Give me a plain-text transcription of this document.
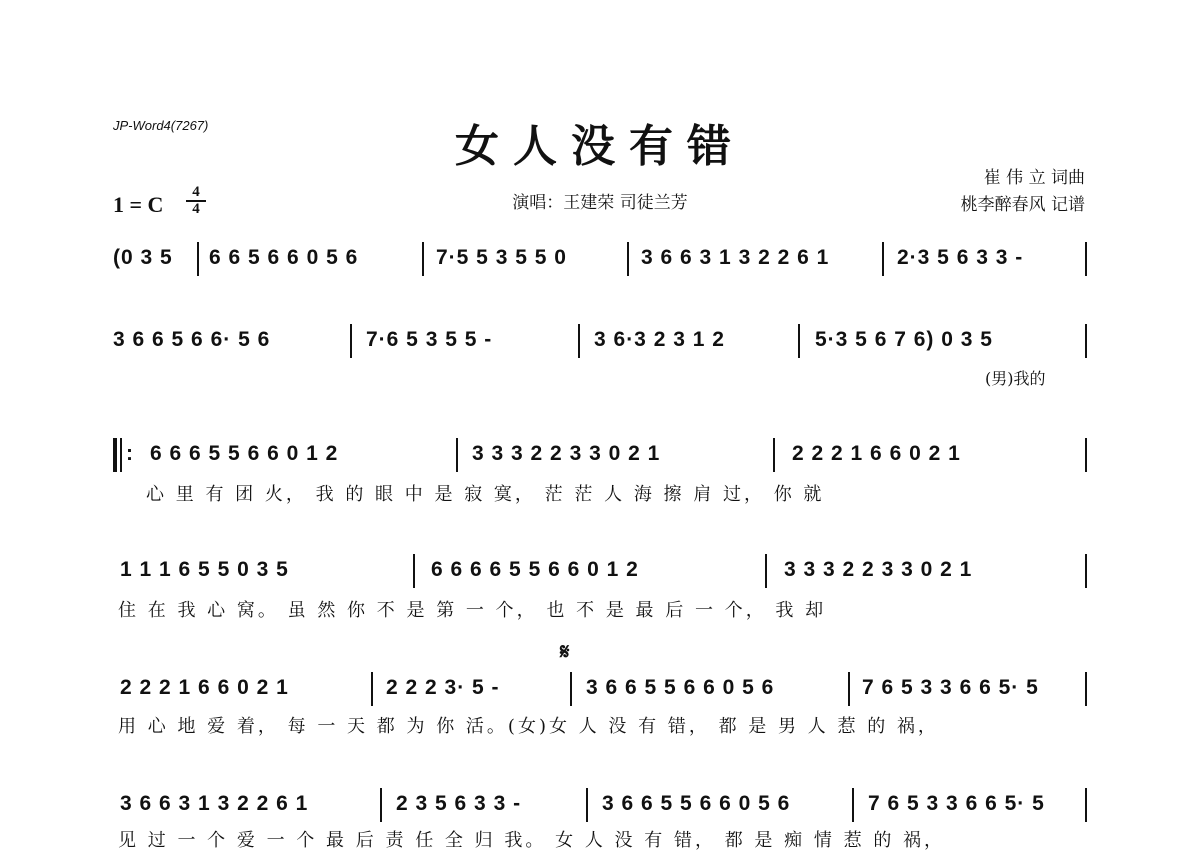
JP-Word4(7267)	女人没有错
崔 伟 立 词曲
桃李醉春风 记谱
演唱：王建荣 司徒兰芳
1 = C	4
4
(0 3 5 6 6 5 6 6 0 5 6	7·5 5 3 5 5 0	3 6 6 3 1 3 2 2 6 1	2·3 5 6 3 3 -
3 6 6 5 6 6· 5 6	7·6 5 3 5 5 -	3 6·3 2 3 1 2	5·3 5 6 7 6) 0 3 5
(男)我的
: 6 6 6 5 5 6 6 0 1 2	3 3 3 2 2 3 3 0 2 1	2 2 2 1 6 6 0 2 1
心 里 有 团 火， 我 的 眼 中 是 寂 寞， 茫 茫 人 海 擦 肩 过， 你 就
1 1 1 6 5 5 0 3 5	6 6 6 6 5 5 6 6 0 1 2	3 3 3 2 2 3 3 0 2 1
住 在 我 心 窝。 虽 然 你 不 是 第 一 个， 也 不 是 最 后 一 个， 我 却
𝄋
2 2 2 1 6 6 0 2 1	2 2 2 3· 5 -	3 6 6 5 5 6 6 0 5 6	7 6 5 3 3 6 6 5· 5
用 心 地 爱 着， 每 一 天 都 为 你 活。(女)女 人 没 有 错， 都 是 男 人 惹 的 祸，
3 6 6 3 1 3 2 2 6 1	2 3 5 6 3 3 -	3 6 6 5 5 6 6 0 5 6	7 6 5 3 3 6 6 5· 5
见 过 一 个 爱 一 个 最 后 责 任 全 归 我。 女 人 没 有 错， 都 是 痴 情 惹 的 祸，
